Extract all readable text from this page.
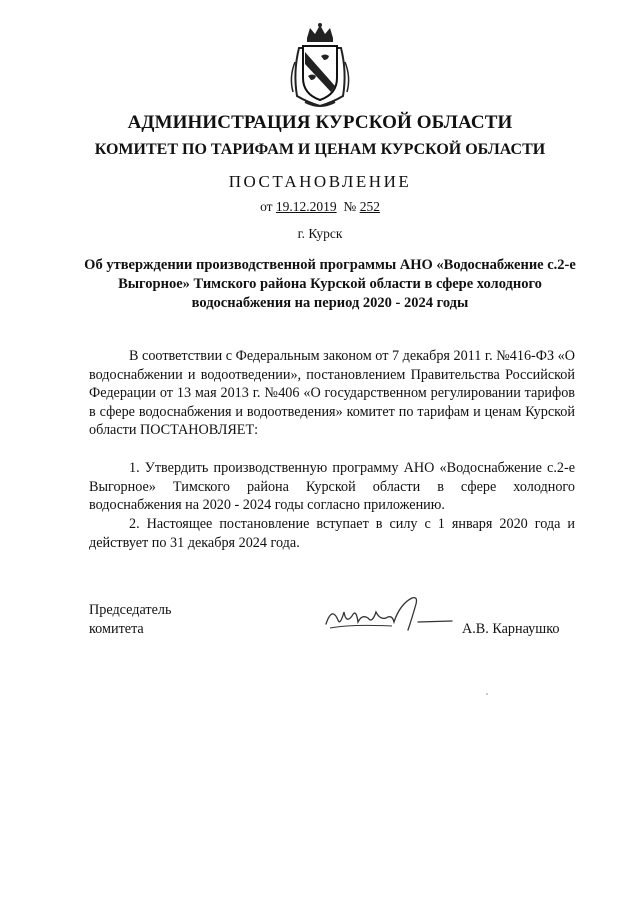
АДМИНИСТРАЦИЯ КУРСКОЙ ОБЛАСТИ
КОМИТЕТ ПО ТАРИФАМ И ЦЕНАМ КУРСКОЙ ОБЛАСТИ
ПОСТАНОВЛЕНИЕ
от 19.12.2019 № 252
г. Курск
Об утверждении производственной программы АНО «Водоснабжение с.2-е Выгорное» Тимского района Курской области в сфере холодного водоснабжения на период 2020 - 2024 годы
В соответствии с Федеральным законом от 7 декабря 2011 г. №416-ФЗ «О водоснабжении и водоотведении», постановлением Правительства Российской Федерации от 13 мая 2013 г. №406 «О государственном регулировании тарифов в сфере водоснабжения и водоотведения» комитет по тарифам и ценам Курской области ПОСТАНОВЛЯЕТ:
1. Утвердить производственную программу АНО «Водоснабжение с.2-е Выгорное» Тимского района Курской области в сфере холодного водоснабжения на 2020 - 2024 годы согласно приложению.
2. Настоящее постановление вступает в силу с 1 января 2020 года и действует по 31 декабря 2024 года.
Председатель
комитета	А.В. Карнаушко
